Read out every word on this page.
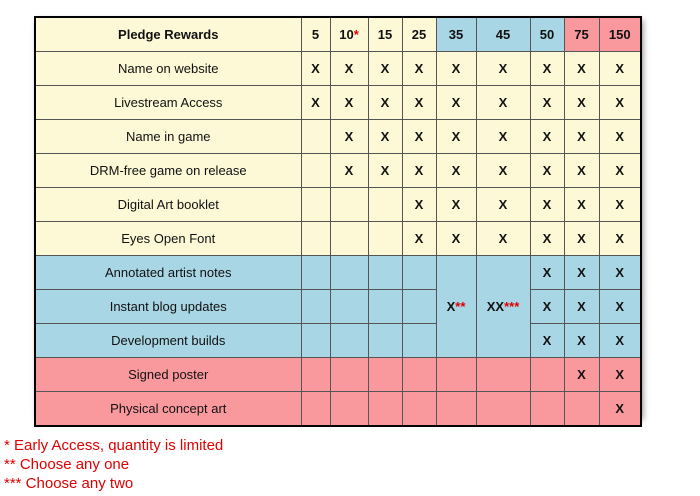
Pledge Rewards	5	10*	15	25	35	45	50	75	150
Name on website	X	X	X	X	X	X	X	X	X
Livestream Access	X	X	X	X	X	X	X	X	X
Name in game		X	X	X	X	X	X	X	X
DRM-free game on release		X	X	X	X	X	X	X	X
Digital Art booklet				X	X	X	X	X	X
Eyes Open Font				X	X	X	X	X	X
Annotated artist notes					X**	XX***	X	X	X
Instant blog updates							X	X	X
Development builds							X	X	X
Signed poster								X	X
Physical concept art									X
* Early Access, quantity is limited
** Choose any one
*** Choose any two
